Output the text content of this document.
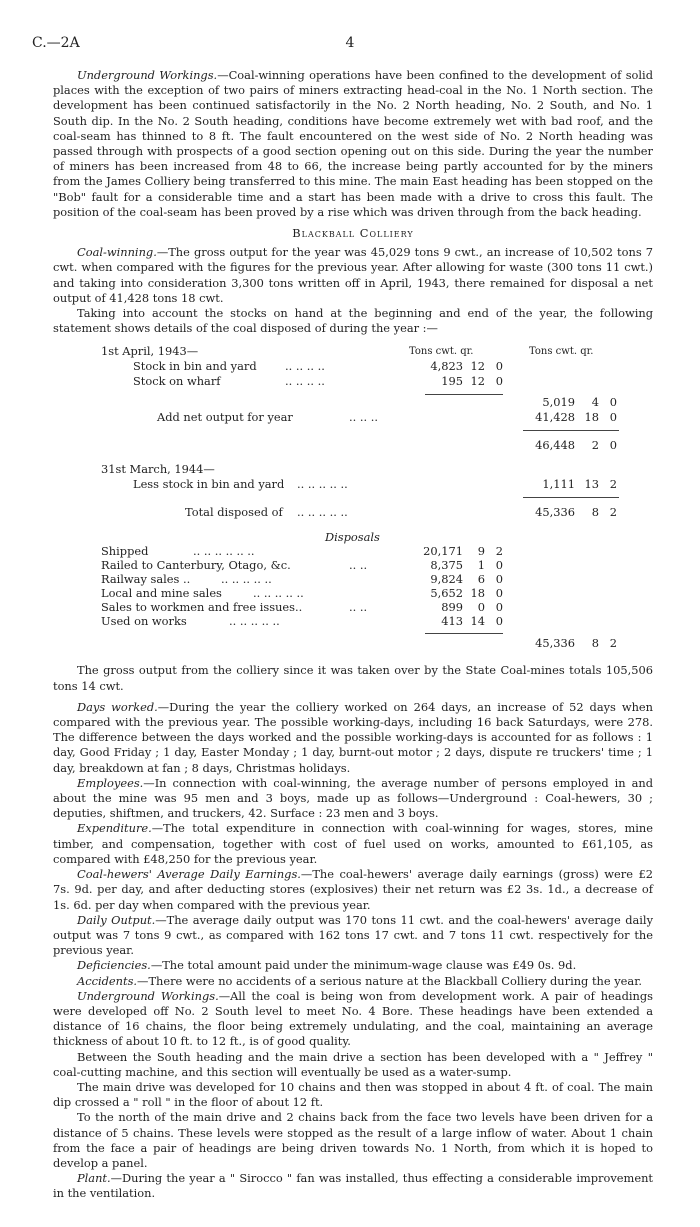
C.—2A	4

Underground Workings.—Coal-winning operations have been confined to the development of solid places with the exception of two pairs of miners extracting head-coal in the No. 1 North section. The development has been continued satisfactorily in the No. 2 North heading, No. 2 South, and No. 1 South dip. In the No. 2 South heading, conditions have become extremely wet with bad roof, and the coal-seam has thinned to 8 ft. The fault encountered on the west side of No. 2 North heading was passed through with prospects of a good section opening out on this side. During the year the number of miners has been increased from 48 to 66, the increase being partly accounted for by the miners from the James Colliery being transferred to this mine. The main East heading has been stopped on the "Bob" fault for a considerable time and a start has been made with a drive to cross this fault. The position of the coal-seam has been proved by a rise which was driven through from the back heading.

Blackball Colliery

Coal-winning.—The gross output for the year was 45,029 tons 9 cwt., an increase of 10,502 tons 7 cwt. when compared with the figures for the previous year. After allowing for waste (300 tons 11 cwt.) and taking into consideration 3,300 tons written off in April, 1943, there remained for disposal a net output of 41,428 tons 18 cwt.

Taking into account the stocks on hand at the beginning and end of the year, the following statement shows details of the coal disposed of during the year :—

1st April, 1943—	Tons cwt. qr.	Tons cwt. qr.
Stock in bin and yard .. .. .. ..	4,823 12 0
Stock on wharf	.. .. .. ..	195 12 0
5,019	4 0
Add net output for year	.. .. ..	41,428 18 0
46,448	2 0
31st March, 1944—
Less stock in bin and yard .. .. .. .. ..	1,111 13 2
Total disposed of .. .. .. .. ..	45,336	8 2
Disposals
Shipped	.. .. .. .. .. ..	20,171	9 2
Railed to Canterbury, Otago, &c.	.. ..	8,375	1 0
Railway sales ..	.. .. .. .. ..	9,824	6 0
Local and mine sales	.. .. .. .. ..	5,652 18 0
Sales to workmen and free issues..	.. ..	899	0 0
Used on works	.. .. .. .. ..	413 14 0
45,336	8 2

The gross output from the colliery since it was taken over by the State Coal-mines totals 105,506 tons 14 cwt.

Days worked.—During the year the colliery worked on 264 days, an increase of 52 days when compared with the previous year. The possible working-days, including 16 back Saturdays, were 278. The difference between the days worked and the possible working-days is accounted for as follows : 1 day, Good Friday ; 1 day, Easter Monday ; 1 day, burnt-out motor ; 2 days, dispute re truckers' time ; 1 day, breakdown at fan ; 8 days, Christmas holidays.

Employees.—In connection with coal-winning, the average number of persons employed in and about the mine was 95 men and 3 boys, made up as follows—Underground : Coal-hewers, 30 ; deputies, shiftmen, and truckers, 42. Surface : 23 men and 3 boys.

Expenditure.—The total expenditure in connection with coal-winning for wages, stores, mine timber, and compensation, together with cost of fuel used on works, amounted to £61,105, as compared with £48,250 for the previous year.

Coal-hewers' Average Daily Earnings.—The coal-hewers' average daily earnings (gross) were £2 7s. 9d. per day, and after deducting stores (explosives) their net return was £2 3s. 1d., a decrease of 1s. 6d. per day when compared with the previous year.

Daily Output.—The average daily output was 170 tons 11 cwt. and the coal-hewers' average daily output was 7 tons 9 cwt., as compared with 162 tons 17 cwt. and 7 tons 11 cwt. respectively for the previous year.

Deficiencies.—The total amount paid under the minimum-wage clause was £49 0s. 9d.

Accidents.—There were no accidents of a serious nature at the Blackball Colliery during the year.

Underground Workings.—All the coal is being won from development work. A pair of headings were developed off No. 2 South level to meet No. 4 Bore. These headings have been extended a distance of 16 chains, the floor being extremely undulating, and the coal, maintaining an average thickness of about 10 ft. to 12 ft., is of good quality.

Between the South heading and the main drive a section has been developed with a " Jeffrey " coal-cutting machine, and this section will eventually be used as a water-sump.

The main drive was developed for 10 chains and then was stopped in about 4 ft. of coal. The main dip crossed a " roll " in the floor of about 12 ft.

To the north of the main drive and 2 chains back from the face two levels have been driven for a distance of 5 chains. These levels were stopped as the result of a large inflow of water. About 1 chain from the face a pair of headings are being driven towards No. 1 North, from which it is hoped to develop a panel.

Plant.—During the year a " Sirocco " fan was installed, thus effecting a considerable improvement in the ventilation.
